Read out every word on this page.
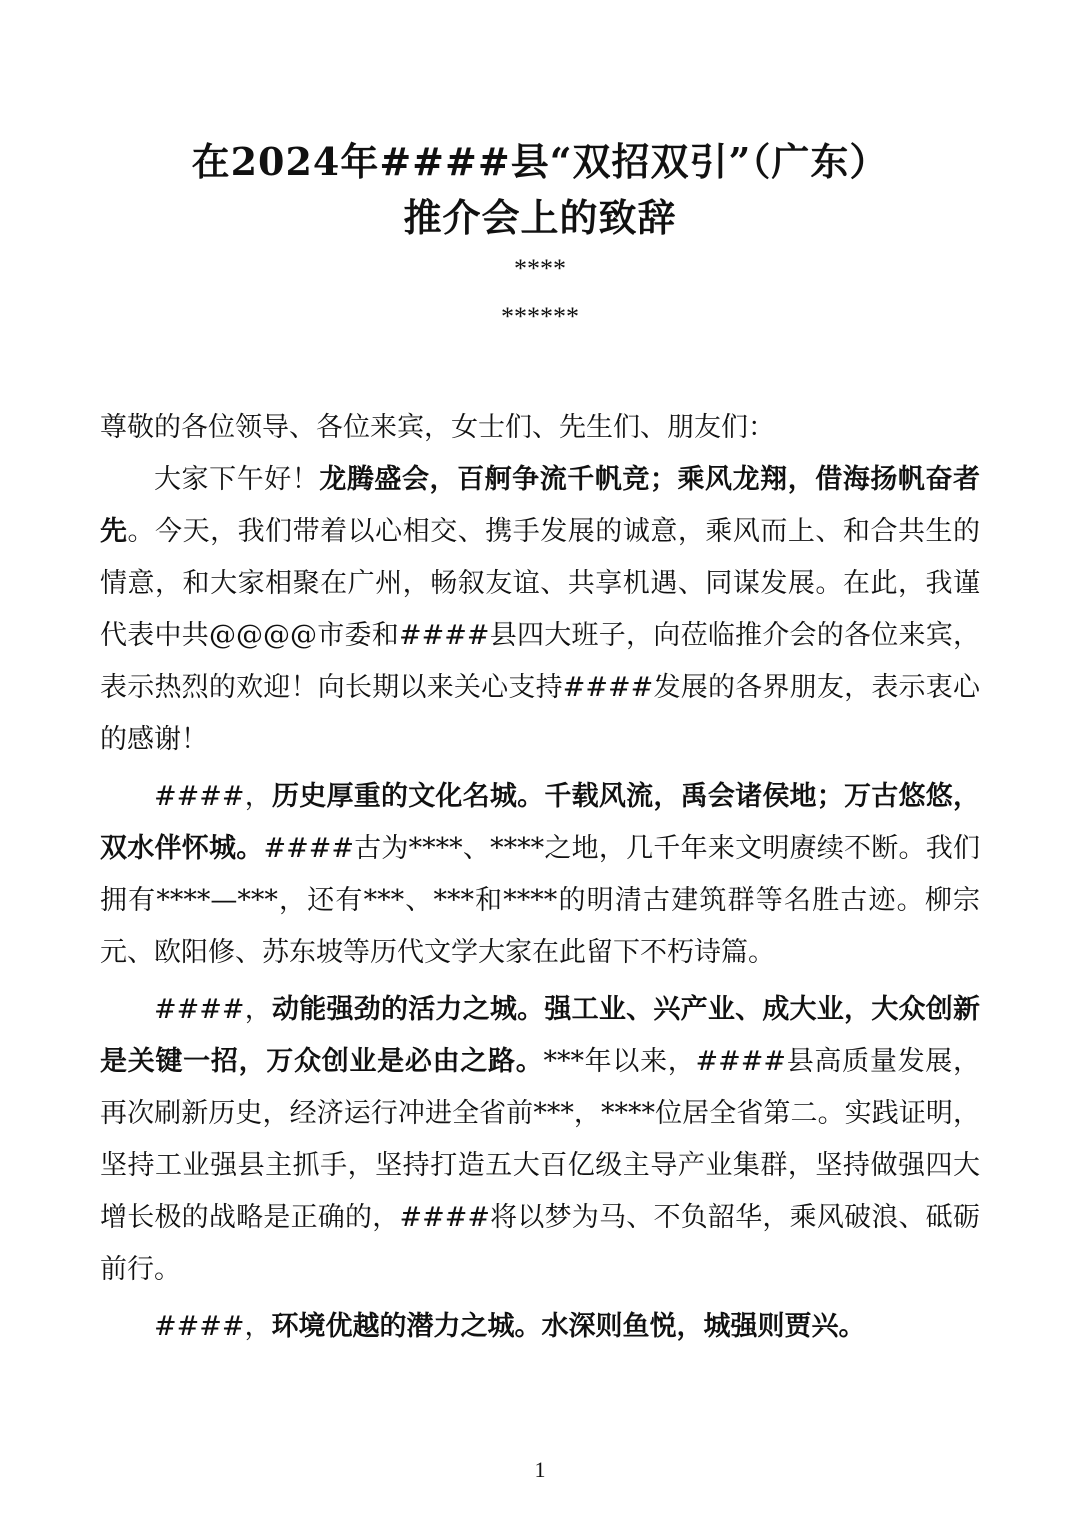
在2024年####县“双招双引”（广东）
推介会上的致辞
****
******

尊敬的各位领导、各位来宾，女士们、先生们、朋友们：

大家下午好！龙腾盛会，百舸争流千帆竞；乘风龙翔，借海扬帆奋者先。今天，我们带着以心相交、携手发展的诚意，乘风而上、和合共生的情意，和大家相聚在广州，畅叙友谊、共享机遇、同谋发展。在此，我谨代表中共@@@@市委和####县四大班子，向莅临推介会的各位来宾，表示热烈的欢迎！向长期以来关心支持####发展的各界朋友，表示衷心的感谢！

####，历史厚重的文化名城。千载风流，禹会诸侯地；万古悠悠，双水伴怀城。####古为****、****之地，几千年来文明赓续不断。我们拥有****—***，还有***、***和****的明清古建筑群等名胜古迹。柳宗元、欧阳修、苏东坡等历代文学大家在此留下不朽诗篇。

####，动能强劲的活力之城。强工业、兴产业、成大业，大众创新是关键一招，万众创业是必由之路。***年以来，####县高质量发展，再次刷新历史，经济运行冲进全省前***，****位居全省第二。实践证明，坚持工业强县主抓手，坚持打造五大百亿级主导产业集群，坚持做强四大增长极的战略是正确的，####将以梦为马、不负韶华，乘风破浪、砥砺前行。

####，环境优越的潜力之城。水深则鱼悦，城强则贾兴。

1
